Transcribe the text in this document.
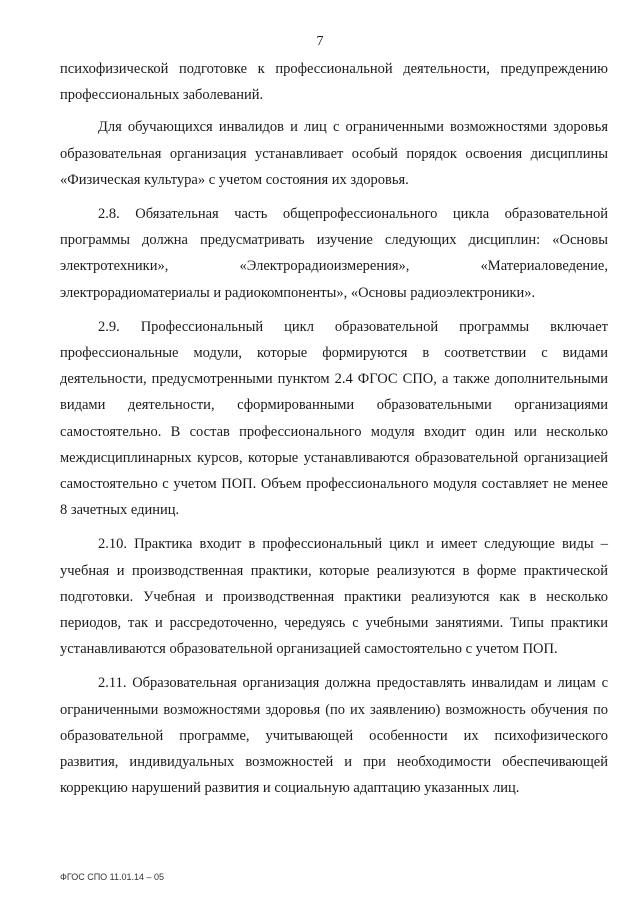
7

психофизической подготовке к профессиональной деятельности, предупреждению профессиональных заболеваний.

Для обучающихся инвалидов и лиц с ограниченными возможностями здоровья образовательная организация устанавливает особый порядок освоения дисциплины «Физическая культура» с учетом состояния их здоровья.

2.8. Обязательная часть общепрофессионального цикла образовательной программы должна предусматривать изучение следующих дисциплин: «Основы электротехники», «Электрорадиоизмерения», «Материаловедение, электрорадиоматериалы и радиокомпоненты», «Основы радиоэлектроники».

2.9. Профессиональный цикл образовательной программы включает профессиональные модули, которые формируются в соответствии с видами деятельности, предусмотренными пунктом 2.4 ФГОС СПО, а также дополнительными видами деятельности, сформированными образовательными организациями самостоятельно. В состав профессионального модуля входит один или несколько междисциплинарных курсов, которые устанавливаются образовательной организацией самостоятельно с учетом ПОП. Объем профессионального модуля составляет не менее 8 зачетных единиц.

2.10. Практика входит в профессиональный цикл и имеет следующие виды – учебная и производственная практики, которые реализуются в форме практической подготовки. Учебная и производственная практики реализуются как в несколько периодов, так и рассредоточенно, чередуясь с учебными занятиями. Типы практики устанавливаются образовательной организацией самостоятельно с учетом ПОП.

2.11. Образовательная организация должна предоставлять инвалидам и лицам с ограниченными возможностями здоровья (по их заявлению) возможность обучения по образовательной программе, учитывающей особенности их психофизического развития, индивидуальных возможностей и при необходимости обеспечивающей коррекцию нарушений развития и социальную адаптацию указанных лиц.

ФГОС СПО 11.01.14 – 05
